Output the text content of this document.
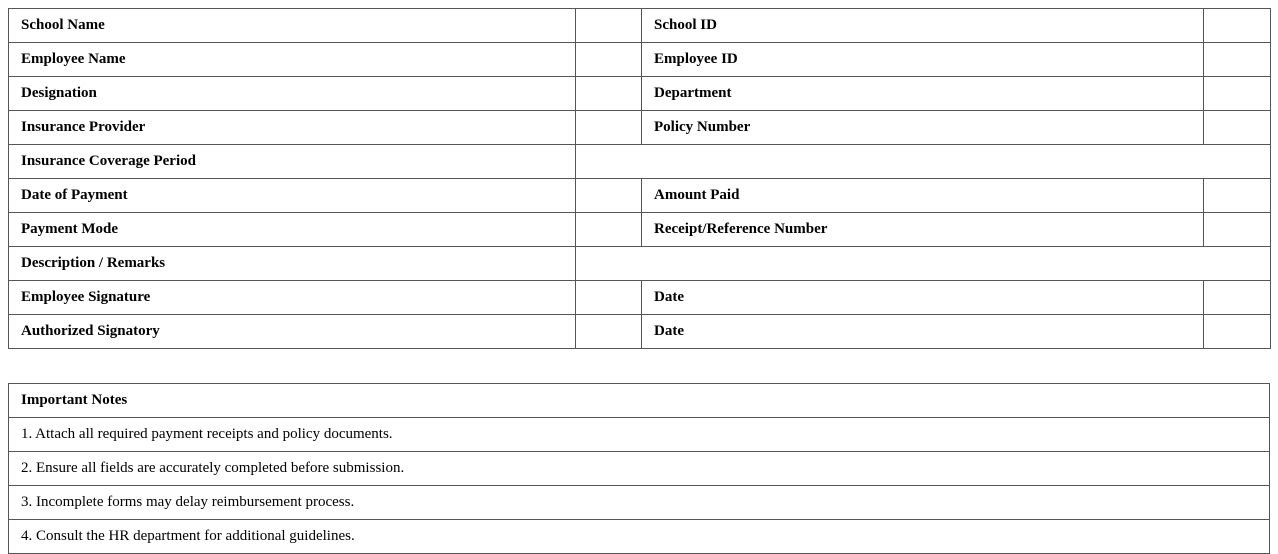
School Name		School ID	
Employee Name		Employee ID	
Designation		Department	
Insurance Provider		Policy Number	
Insurance Coverage Period			
Date of Payment		Amount Paid	
Payment Mode		Receipt/Reference Number	
Description / Remarks			
Employee Signature		Date	
Authorized Signatory		Date	
Important Notes
1. Attach all required payment receipts and policy documents.
2. Ensure all fields are accurately completed before submission.
3. Incomplete forms may delay reimbursement process.
4. Consult the HR department for additional guidelines.
